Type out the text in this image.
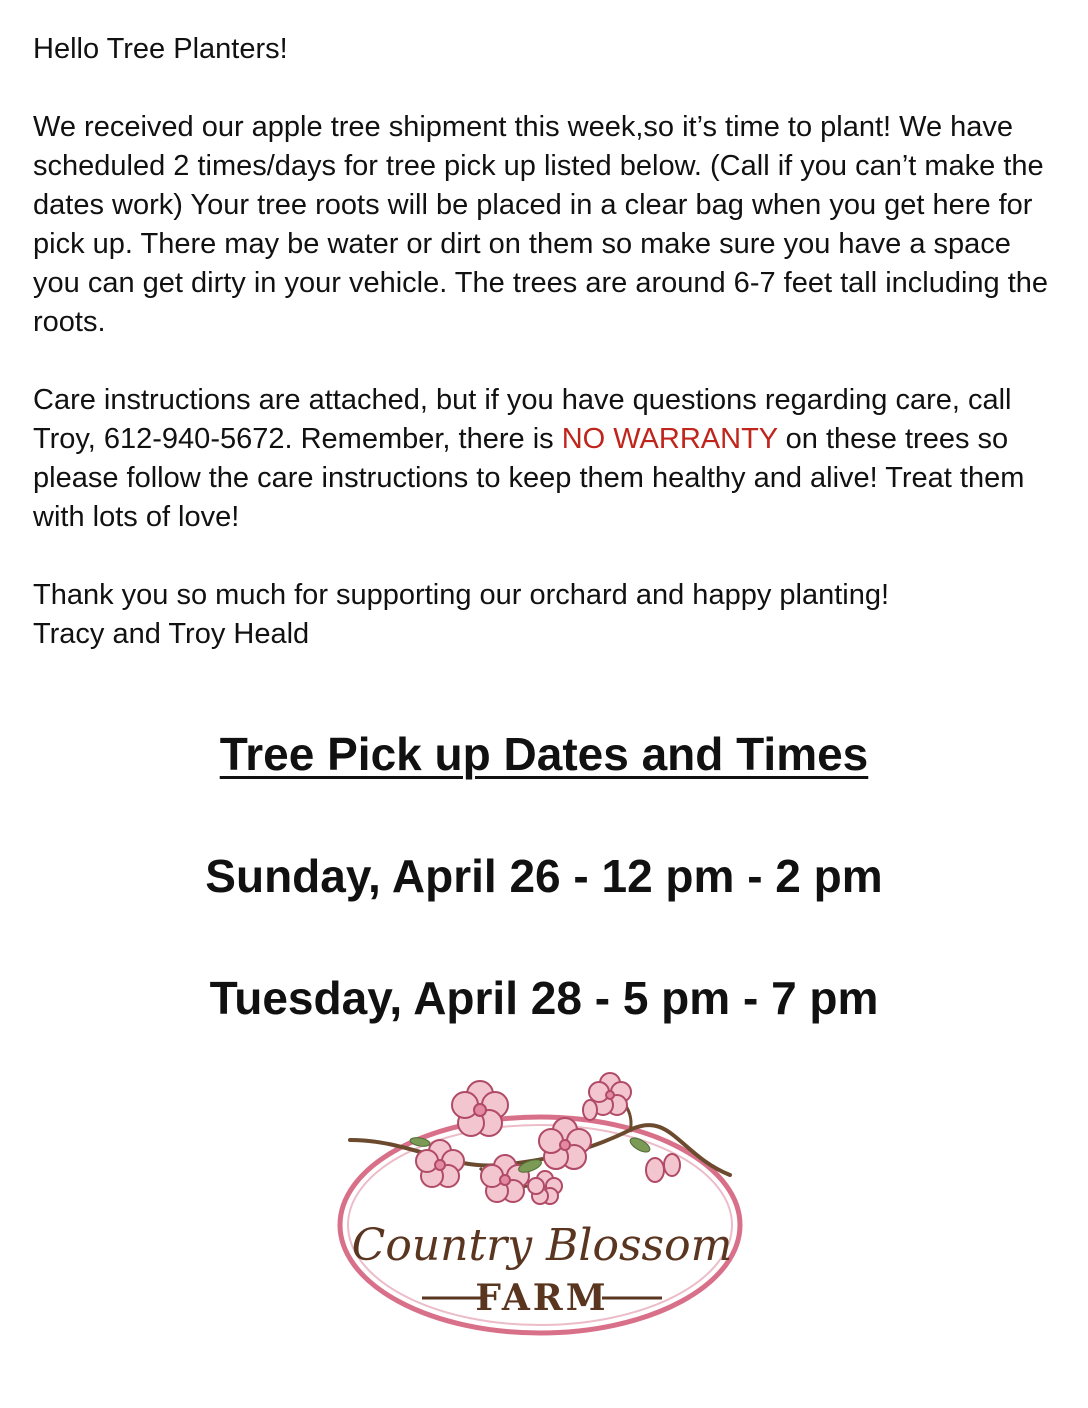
Hello Tree Planters!

We received our apple tree shipment this week,so it’s time to plant! We have scheduled 2 times/days for tree pick up listed below. (Call if you can’t make the dates work) Your tree roots will be placed in a clear bag when you get here for pick up. There may be water or dirt on them so make sure you have a space you can get dirty in your vehicle. The trees are around 6-7 feet tall including the roots.

Care instructions are attached, but if you have questions regarding care, call Troy, 612-940-5672. Remember, there is NO WARRANTY on these trees so please follow the care instructions to keep them healthy and alive! Treat them with lots of love!

Thank you so much for supporting our orchard and happy planting!

Tracy and Troy Heald

Tree Pick up Dates and Times
Sunday, April 26 - 12 pm - 2 pm
Tuesday, April 28 - 5 pm - 7 pm
Country Blossom
FARM
